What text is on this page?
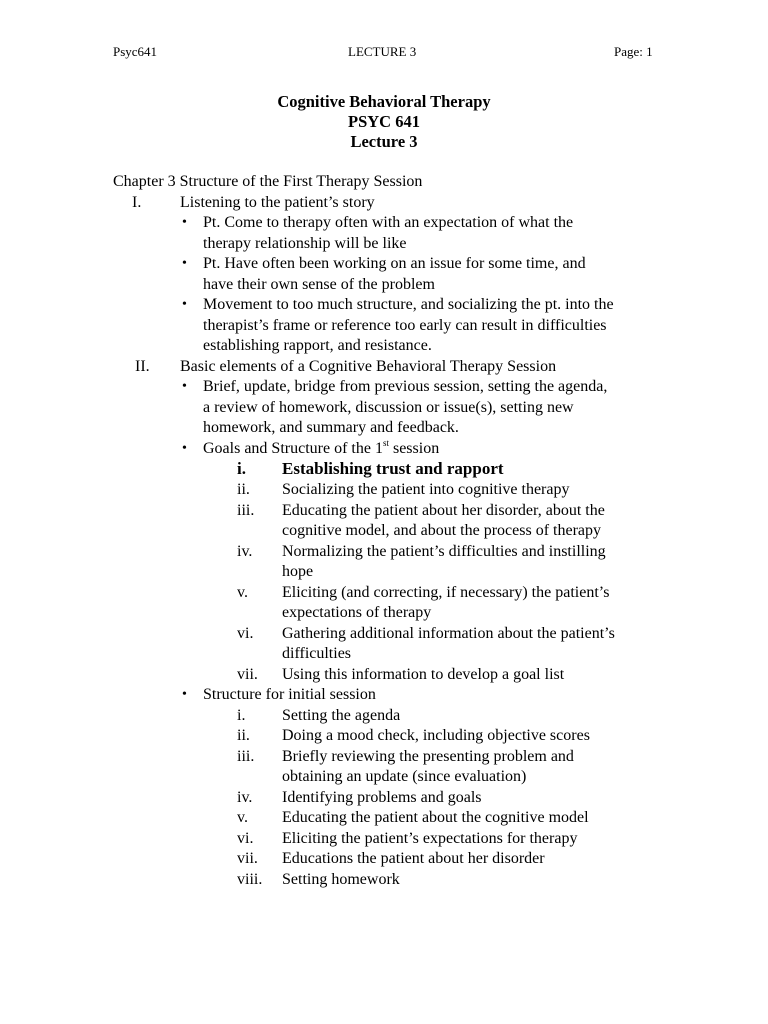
Psyc641	LECTURE 3	Page: 1
Cognitive Behavioral Therapy
PSYC 641
Lecture 3
Chapter 3 Structure of the First Therapy Session
I. Listening to the patient’s story
• Pt. Come to therapy often with an expectation of what the
therapy relationship will be like
• Pt. Have often been working on an issue for some time, and
have their own sense of the problem
• Movement to too much structure, and socializing the pt. into the
therapist’s frame or reference too early can result in difficulties
establishing rapport, and resistance.
II. Basic elements of a Cognitive Behavioral Therapy Session
• Brief, update, bridge from previous session, setting the agenda,
a review of homework, discussion or issue(s), setting new
homework, and summary and feedback.
• Goals and Structure of the 1st session
i. Establishing trust and rapport
ii. Socializing the patient into cognitive therapy
iii. Educating the patient about her disorder, about the
cognitive model, and about the process of therapy
iv. Normalizing the patient’s difficulties and instilling
hope
v. Eliciting (and correcting, if necessary) the patient’s
expectations of therapy
vi. Gathering additional information about the patient’s
difficulties
vii. Using this information to develop a goal list
• Structure for initial session
i. Setting the agenda
ii. Doing a mood check, including objective scores
iii. Briefly reviewing the presenting problem and
obtaining an update (since evaluation)
iv. Identifying problems and goals
v. Educating the patient about the cognitive model
vi. Eliciting the patient’s expectations for therapy
vii. Educations the patient about her disorder
viii. Setting homework
